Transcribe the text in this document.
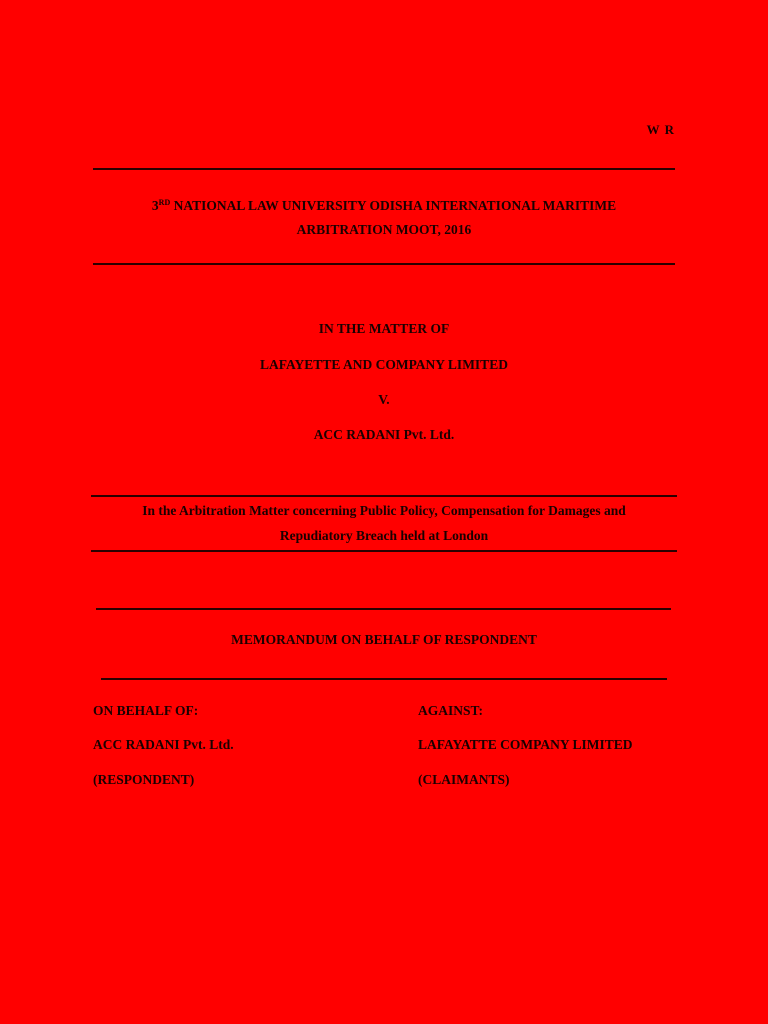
W R
3RD NATIONAL LAW UNIVERSITY ODISHA INTERNATIONAL MARITIME
ARBITRATION MOOT, 2016
IN THE MATTER OF
LAFAYETTE AND COMPANY LIMITED
V.
ACC RADANI Pvt. Ltd.
In the Arbitration Matter concerning Public Policy, Compensation for Damages and
Repudiatory Breach held at London
MEMORANDUM ON BEHALF OF RESPONDENT
ON BEHALF OF:
ACC RADANI Pvt. Ltd.
(RESPONDENT)
AGAINST:
LAFAYATTE COMPANY LIMITED
(CLAIMANTS)
